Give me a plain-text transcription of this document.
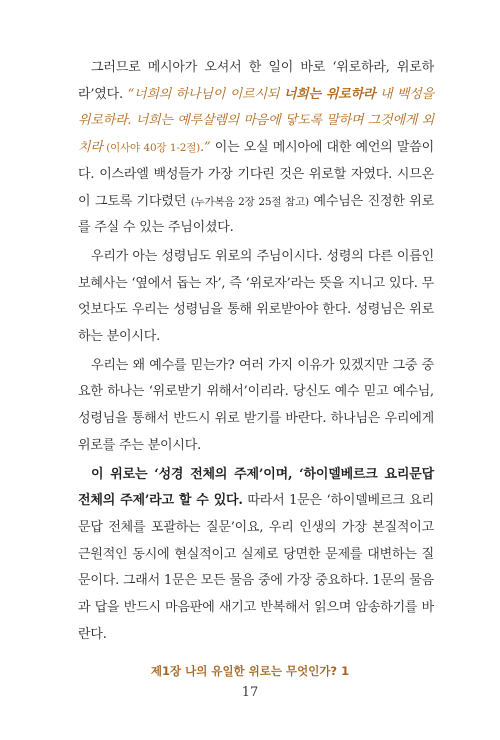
그러므로 메시아가 오셔서 한 일이 바로 ‘위로하라, 위로하라’였다. “너희의 하나님이 이르시되 너희는 위로하라 내 백성을 위로하라. 너희는 예루살렘의 마음에 닿도록 말하며 그것에게 외치라 (이사야 40장 1-2절).” 이는 오실 메시아에 대한 예언의 말씀이다. 이스라엘 백성들가 가장 기다린 것은 위로할 자였다. 시므온이 그토록 기다렸던 (누가복음 2장 25절 참고) 예수님은 진정한 위로를 주실 수 있는 주님이셨다.

우리가 아는 성령님도 위로의 주님이시다. 성령의 다른 이름인 보혜사는 ‘옆에서 돕는 자’, 즉 ‘위로자’라는 뜻을 지니고 있다. 무엇보다도 우리는 성령님을 통해 위로받아야 한다. 성령님은 위로하는 분이시다.

우리는 왜 예수를 믿는가? 여러 가지 이유가 있겠지만 그중 중요한 하나는 ‘위로받기 위해서’이리라. 당신도 예수 믿고 예수님, 성령님을 통해서 반드시 위로 받기를 바란다. 하나님은 우리에게 위로를 주는 분이시다.

이 위로는 ‘성경 전체의 주제’이며, ‘하이델베르크 요리문답 전체의 주제’라고 할 수 있다. 따라서 1문은 ‘하이델베르크 요리문답 전체를 포괄하는 질문’이요, 우리 인생의 가장 본질적이고 근원적인 동시에 현실적이고 실제로 당면한 문제를 대변하는 질문이다. 그래서 1문은 모든 물음 중에 가장 중요하다. 1문의 물음과 답을 반드시 마음판에 새기고 반복해서 읽으며 암송하기를 바란다.

제1장 나의 유일한 위로는 무엇인가? 1
17
